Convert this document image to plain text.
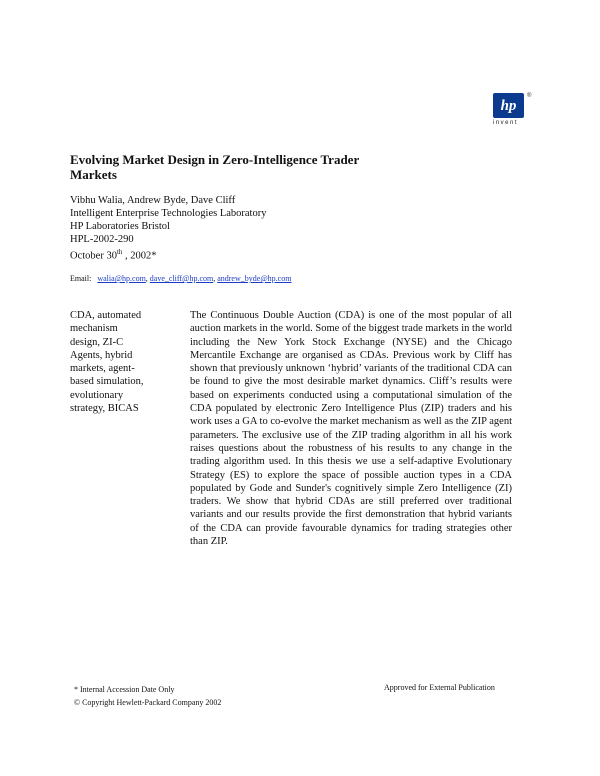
hp
®
invent
Evolving Market Design in Zero-Intelligence Trader Markets
Vibhu Walia, Andrew Byde, Dave Cliff
Intelligent Enterprise Technologies Laboratory
HP Laboratories Bristol
HPL-2002-290
October 30th , 2002*
Email: walia@hp.com, dave_cliff@hp.com, andrew_byde@hp.com
CDA, automated mechanism design, ZI-C Agents, hybrid markets, agent-based simulation, evolutionary strategy, BICAS
The Continuous Double Auction (CDA) is one of the most popular of all auction markets in the world. Some of the biggest trade markets in the world including the New York Stock Exchange (NYSE) and the Chicago Mercantile Exchange are organised as CDAs. Previous work by Cliff has shown that previously unknown ‘hybrid’ variants of the traditional CDA can be found to give the most desirable market dynamics. Cliff’s results were based on experiments conducted using a computational simulation of the CDA populated by electronic Zero Intelligence Plus (ZIP) traders and his work uses a GA to co-evolve the market mechanism as well as the ZIP agent parameters. The exclusive use of the ZIP trading algorithm in all his work raises questions about the robustness of his results to any change in the trading algorithm used. In this thesis we use a self-adaptive Evolutionary Strategy (ES) to explore the space of possible auction types in a CDA populated by Gode and Sunder's cognitively simple Zero Intelligence (ZI) traders. We show that hybrid CDAs are still preferred over traditional variants and our results provide the first demonstration that hybrid variants of the CDA can provide favourable dynamics for trading strategies other than ZIP.
* Internal Accession Date Only
© Copyright Hewlett-Packard Company 2002
Approved for External Publication
